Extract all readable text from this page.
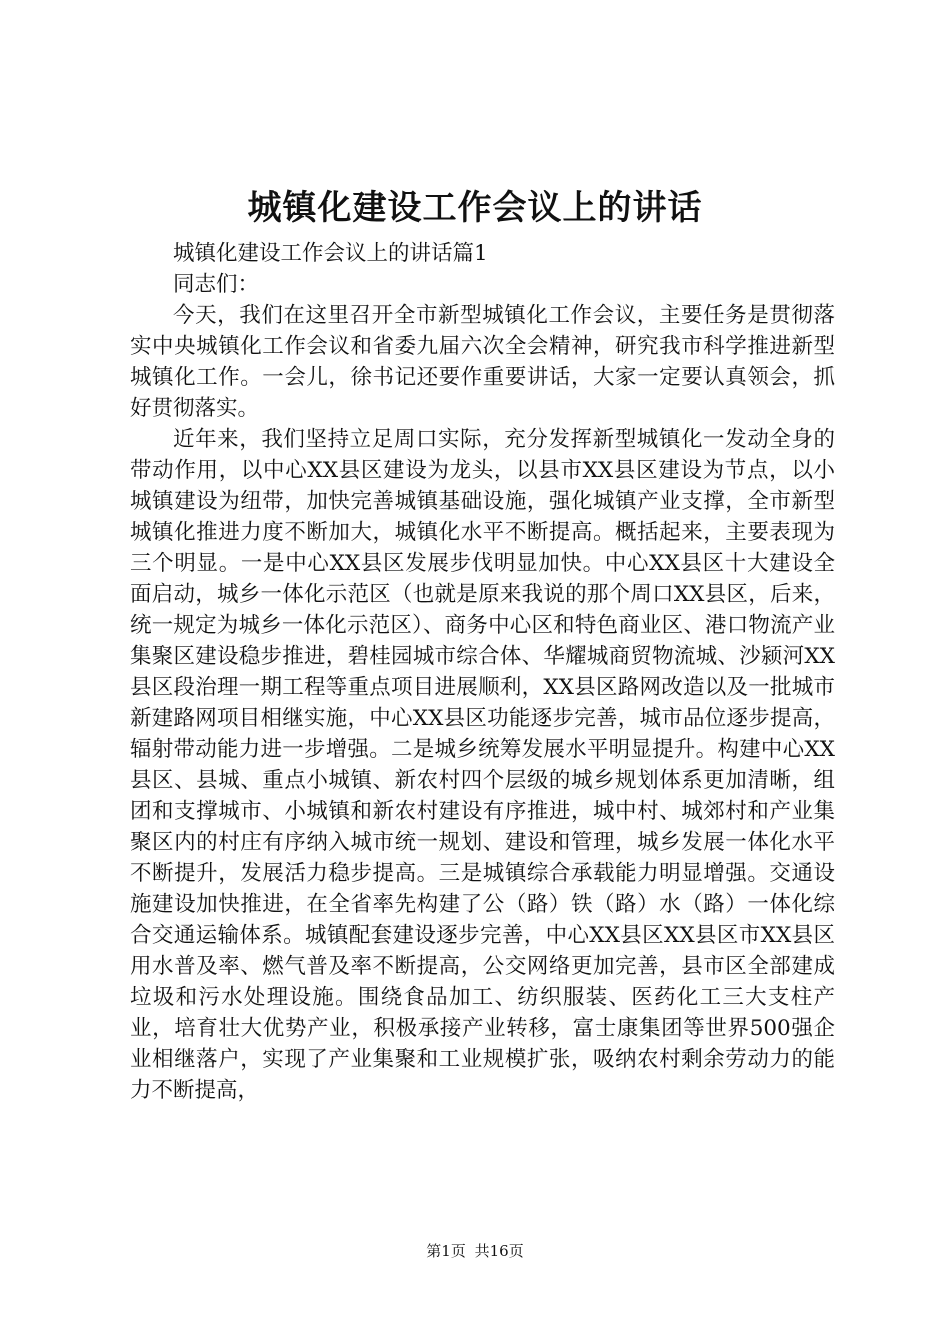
城镇化建设工作会议上的讲话

城镇化建设工作会议上的讲话篇1

同志们：

今天，我们在这里召开全市新型城镇化工作会议，主要任务是贯彻落实中央城镇化工作会议和省委九届六次全会精神，研究我市科学推进新型城镇化工作。一会儿，徐书记还要作重要讲话，大家一定要认真领会，抓好贯彻落实。

近年来，我们坚持立足周口实际，充分发挥新型城镇化一发动全身的带动作用，以中心XX县区建设为龙头，以县市XX县区建设为节点，以小城镇建设为纽带，加快完善城镇基础设施，强化城镇产业支撑，全市新型城镇化推进力度不断加大，城镇化水平不断提高。概括起来，主要表现为三个明显。一是中心XX县区发展步伐明显加快。中心XX县区十大建设全面启动，城乡一体化示范区（也就是原来我说的那个周口XX县区，后来，统一规定为城乡一体化示范区）、商务中心区和特色商业区、港口物流产业集聚区建设稳步推进，碧桂园城市综合体、华耀城商贸物流城、沙颍河XX县区段治理一期工程等重点项目进展顺利，XX县区路网改造以及一批城市新建路网项目相继实施，中心XX县区功能逐步完善，城市品位逐步提高，辐射带动能力进一步增强。二是城乡统筹发展水平明显提升。构建中心XX县区、县城、重点小城镇、新农村四个层级的城乡规划体系更加清晰，组团和支撑城市、小城镇和新农村建设有序推进，城中村、城郊村和产业集聚区内的村庄有序纳入城市统一规划、建设和管理，城乡发展一体化水平不断提升，发展活力稳步提高。三是城镇综合承载能力明显增强。交通设施建设加快推进，在全省率先构建了公（路）铁（路）水（路）一体化综合交通运输体系。城镇配套建设逐步完善，中心XX县区XX县区市XX县区用水普及率、燃气普及率不断提高，公交网络更加完善，县市区全部建成垃圾和污水处理设施。围绕食品加工、纺织服装、医药化工三大支柱产业，培育壮大优势产业，积极承接产业转移，富士康集团等世界500强企业相继落户，实现了产业集聚和工业规模扩张，吸纳农村剩余劳动力的能力不断提高，

第1页 共16页
